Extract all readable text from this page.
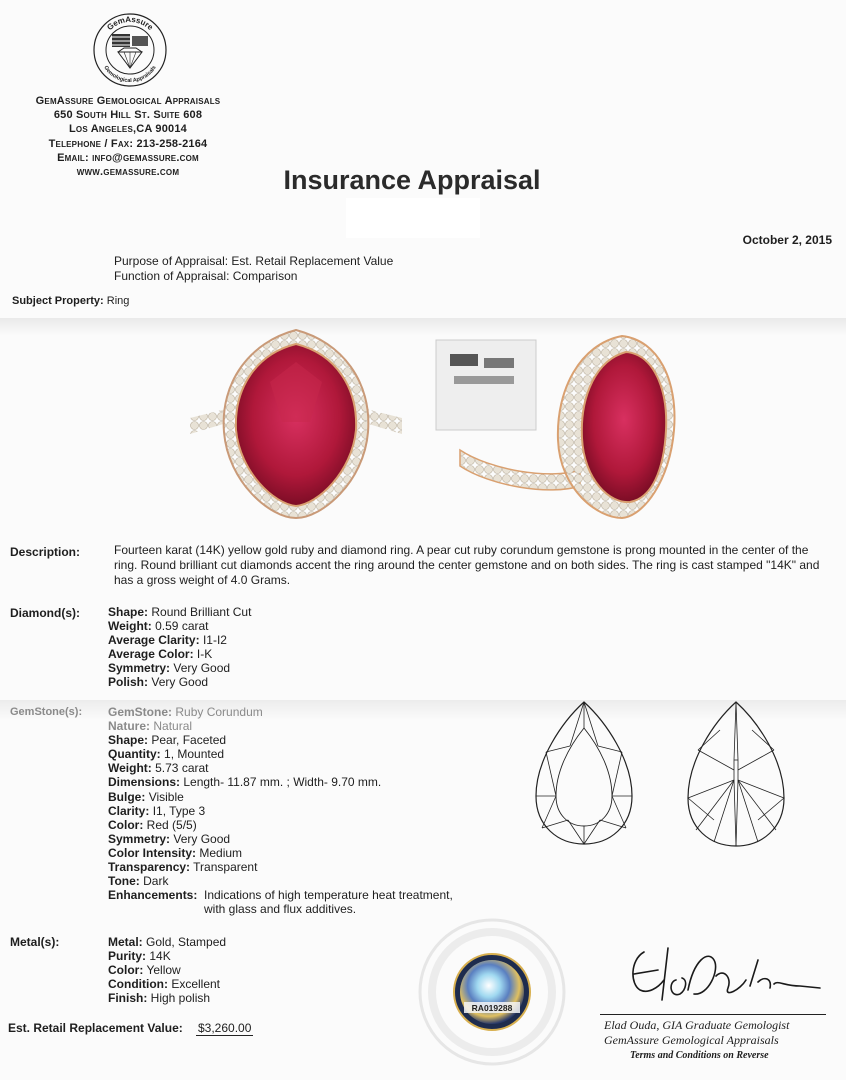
GemAssure
Gemological Appraisals
GemAssure Gemological Appraisals
650 South Hill St. Suite 608
Los Angeles,CA 90014
Telephone / Fax: 213-258-2164
Email: info@gemassure.com
www.gemassure.com	Insurance Appraisal
October 2, 2015
Purpose of Appraisal: Est. Retail Replacement Value
Function of Appraisal: Comparison
Subject Property: Ring
Description:	Fourteen karat (14K) yellow gold ruby and diamond ring. A pear cut ruby corundum gemstone is prong mounted in the center of the ring. Round brilliant cut diamonds accent the ring around the center gemstone and on both sides. The ring is cast stamped "14K" and has a gross weight of 4.0 Grams.
Diamond(s): Shape: Round Brilliant Cut
Weight: 0.59 carat
Average Clarity: I1-I2
Average Color: I-K
Symmetry: Very Good
Polish: Very Good
GemStone(s): GemStone: Ruby Corundum
Nature: Natural
Shape: Pear, Faceted
Quantity: 1, Mounted
Weight: 5.73 carat
Dimensions: Length- 11.87 mm. ; Width- 9.70 mm.
Bulge: Visible
Clarity: I1, Type 3
Color: Red (5/5)
Symmetry: Very Good
Color Intensity: Medium
Transparency: Transparent
Tone: Dark
Enhancements: Indications of high temperature heat treatment,
with glass and flux additives.
Metal(s):	Metal: Gold, Stamped
Purity: 14K
Color: Yellow
Condition: Excellent
Finish: High polish
Est. Retail Replacement Value: $3,260.00
RA019288
Elad Ouda, GIA Graduate Gemologist
GemAssure Gemological Appraisals
Terms and Conditions on Reverse
